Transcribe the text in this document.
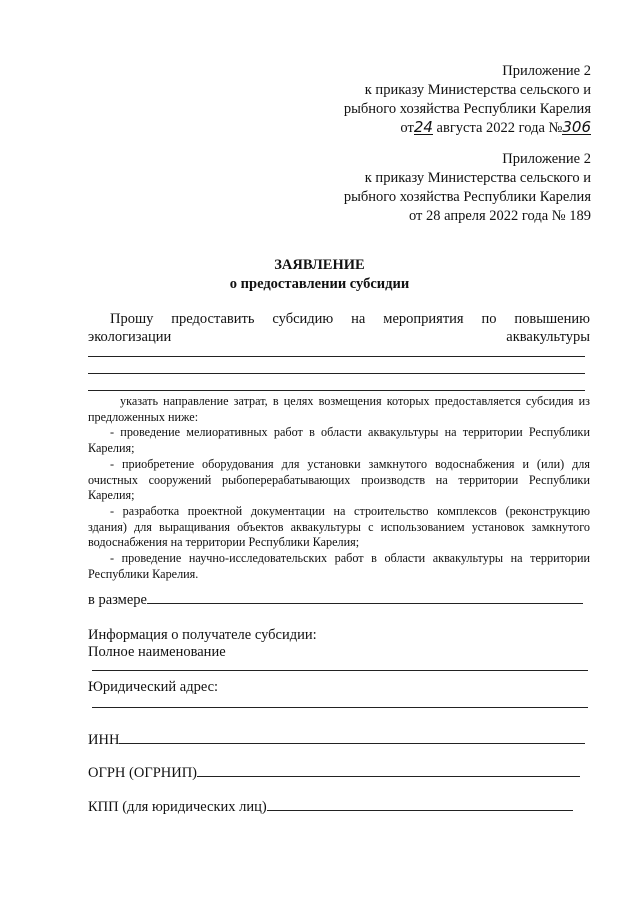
Приложение 2
к приказу Министерства сельского и
рыбного хозяйства Республики Карелия
от24 августа 2022 года №306
Приложение 2
к приказу Министерства сельского и
рыбного хозяйства Республики Карелия
от 28 апреля 2022 года № 189
ЗАЯВЛЕНИЕ
о предоставлении субсидии
Прошу предоставить субсидию на мероприятия по повышению
экологизации	аквакультуры

указать направление затрат, в целях возмещения которых предоставляется субсидия из предложенных ниже:

- проведение мелиоративных работ в области аквакультуры на территории Республики Карелия;

- приобретение оборудования для установки замкнутого водоснабжения и (или) для очистных сооружений рыбоперерабатывающих производств на территории Республики Карелия;

- разработка проектной документации на строительство комплексов (реконструкцию здания) для выращивания объектов аквакультуры с использованием установок замкнутого водоснабжения на территории Республики Карелия;

- проведение научно-исследовательских работ в области аквакультуры на территории Республики Карелия.

в размере
Информация о получателе субсидии:
Полное наименование
Юридический адрес:
ИНН
ОГРН (ОГРНИП)
КПП (для юридических лиц)
